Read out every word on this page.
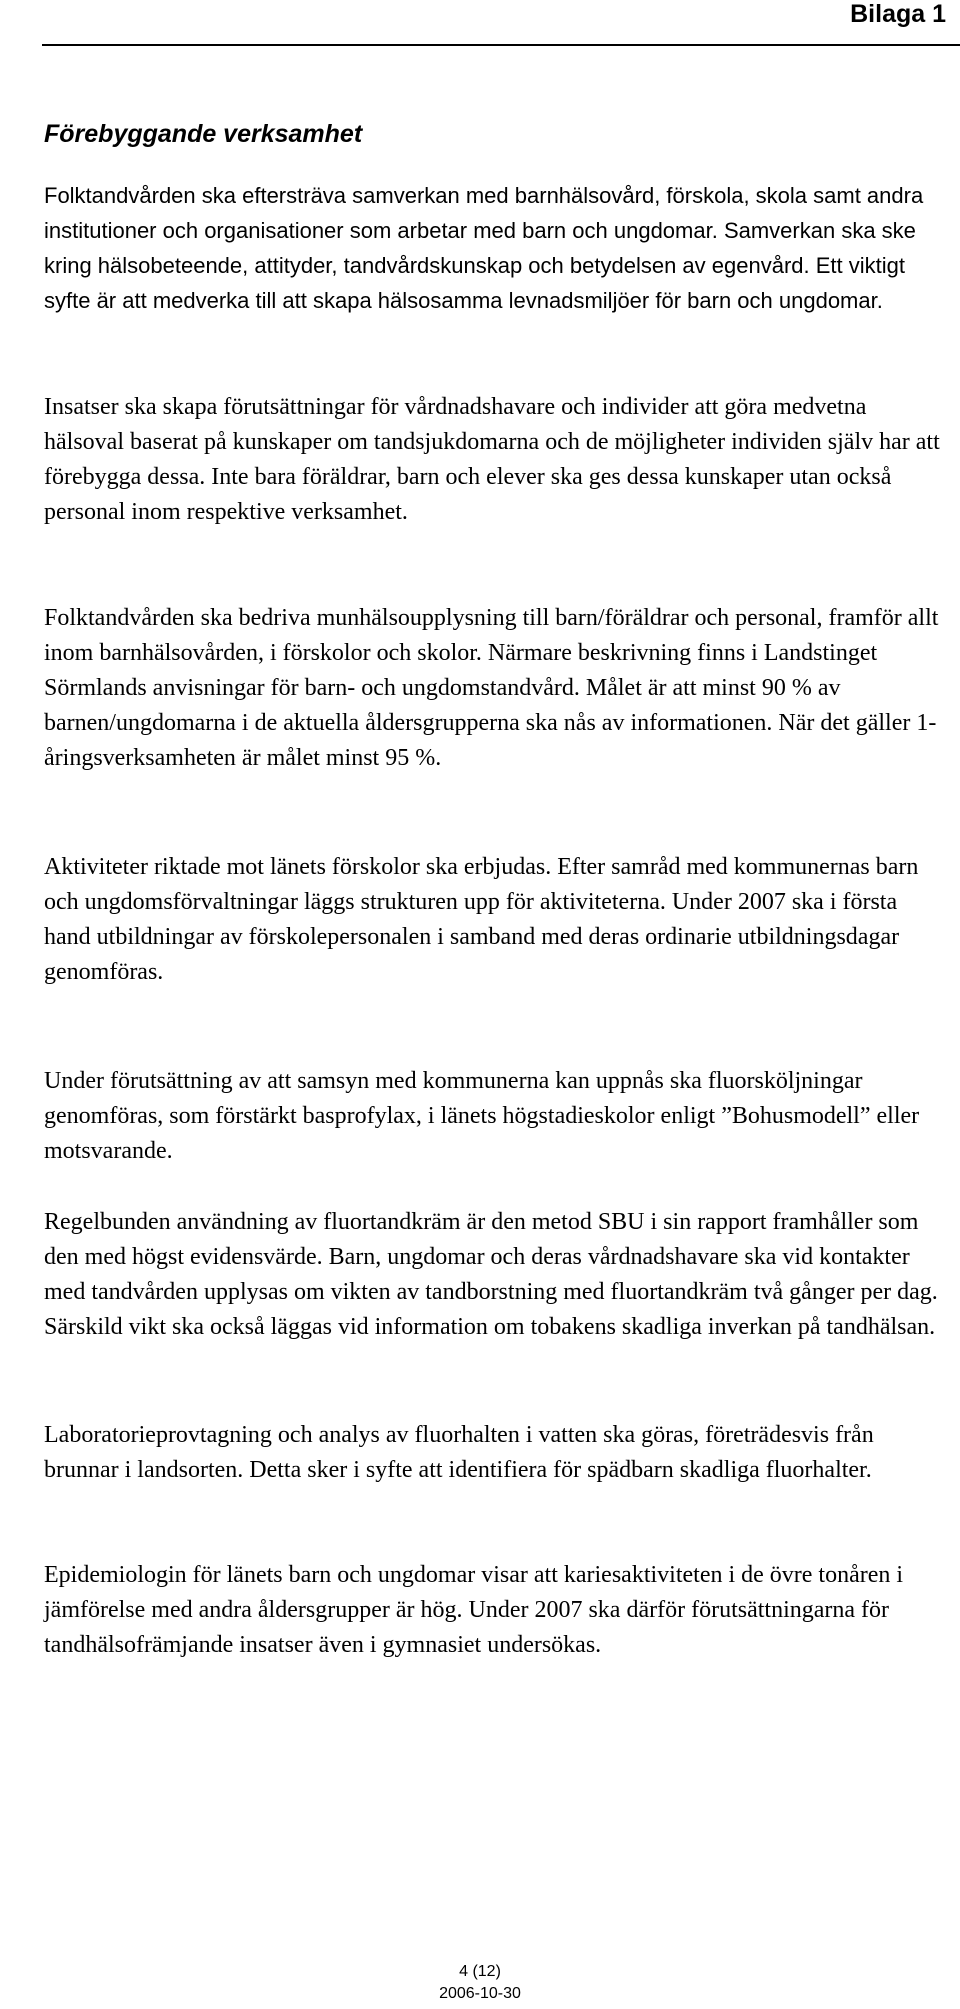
Bilaga 1
Förebyggande verksamhet

Folktandvården ska eftersträva samverkan med barnhälsovård, förskola, skola samt andra institutioner och organisationer som arbetar med barn och ungdomar. Samverkan ska ske kring hälsobeteende, attityder, tandvårdskunskap och betydelsen av egenvård. Ett viktigt syfte är att medverka till att skapa hälsosamma levnadsmiljöer för barn och ungdomar.

Insatser ska skapa förutsättningar för vårdnadshavare och individer att göra medvetna hälsoval baserat på kunskaper om tandsjukdomarna och de möjligheter individen själv har att förebygga dessa. Inte bara föräldrar, barn och elever ska ges dessa kunskaper utan också personal inom respektive verksamhet.

Folktandvården ska bedriva munhälsoupplysning till barn/föräldrar och personal, framför allt inom barnhälsovården, i förskolor och skolor. Närmare beskrivning finns i Landstinget Sörmlands anvisningar för barn- och ungdomstandvård. Målet är att minst 90 % av barnen/ungdomarna i de aktuella åldersgrupperna ska nås av informationen. När det gäller 1-åringsverksamheten är målet minst 95 %.

Aktiviteter riktade mot länets förskolor ska erbjudas. Efter samråd med kommunernas barn och ungdomsförvaltningar läggs strukturen upp för aktiviteterna. Under 2007 ska i första hand utbildningar av förskolepersonalen i samband med deras ordinarie utbildningsdagar genomföras.

Under förutsättning av att samsyn med kommunerna kan uppnås ska fluorsköljningar genomföras, som förstärkt basprofylax, i länets högstadieskolor enligt ”Bohusmodell” eller motsvarande.

Regelbunden användning av fluortandkräm är den metod SBU i sin rapport framhåller som den med högst evidensvärde. Barn, ungdomar och deras vårdnadshavare ska vid kontakter med tandvården upplysas om vikten av tandborstning med fluortandkräm två gånger per dag. Särskild vikt ska också läggas vid information om tobakens skadliga inverkan på tandhälsan.

Laboratorieprovtagning och analys av fluorhalten i vatten ska göras, företrädesvis från brunnar i landsorten. Detta sker i syfte att identifiera för spädbarn skadliga fluorhalter.

Epidemiologin för länets barn och ungdomar visar att kariesaktiviteten i de övre tonåren i jämförelse med andra åldersgrupper är hög. Under 2007 ska därför förutsättningarna för tandhälsofrämjande insatser även i gymnasiet undersökas.

4 (12)
2006-10-30
